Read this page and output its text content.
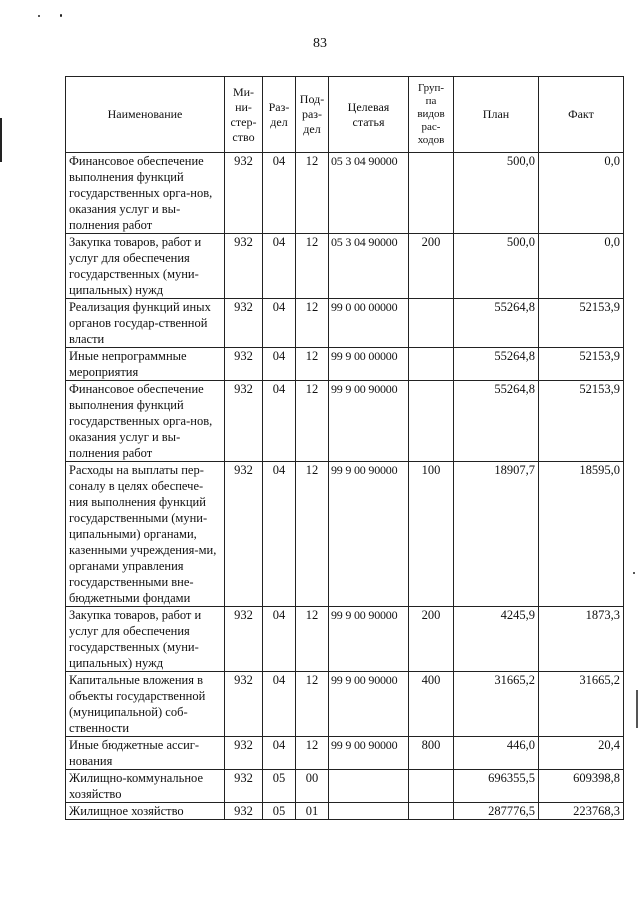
83
Наименование	Ми-
ни-
стер-
ство	Раз-
дел	Под-
раз-
дел	Целевая
статья	Груп-
па
видов
рас-
ходов	План	Факт
Финансовое обеспечение выполнения функций государственных орга-нов, оказания услуг и вы-полнения работ	932	04	12	05 3 04 90000		500,0	0,0
Закупка товаров, работ и услуг для обеспечения государственных (муни-ципальных) нужд	932	04	12	05 3 04 90000	200	500,0	0,0
Реализация функций иных органов государ-ственной власти	932	04	12	99 0 00 00000		55264,8	52153,9
Иные непрограммные мероприятия	932	04	12	99 9 00 00000		55264,8	52153,9
Финансовое обеспечение выполнения функций государственных орга-нов, оказания услуг и вы-полнения работ	932	04	12	99 9 00 90000		55264,8	52153,9
Расходы на выплаты пер-соналу в целях обеспече-ния выполнения функций государственными (муни-ципальными) органами, казенными учреждения-ми, органами управления государственными вне-бюджетными фондами	932	04	12	99 9 00 90000	100	18907,7	18595,0
Закупка товаров, работ и услуг для обеспечения государственных (муни-ципальных) нужд	932	04	12	99 9 00 90000	200	4245,9	1873,3
Капитальные вложения в объекты государственной (муниципальной) соб-ственности	932	04	12	99 9 00 90000	400	31665,2	31665,2
Иные бюджетные ассиг-нования	932	04	12	99 9 00 90000	800	446,0	20,4
Жилищно-коммунальное хозяйство	932	05	00			696355,5	609398,8
Жилищное хозяйство	932	05	01			287776,5	223768,3
